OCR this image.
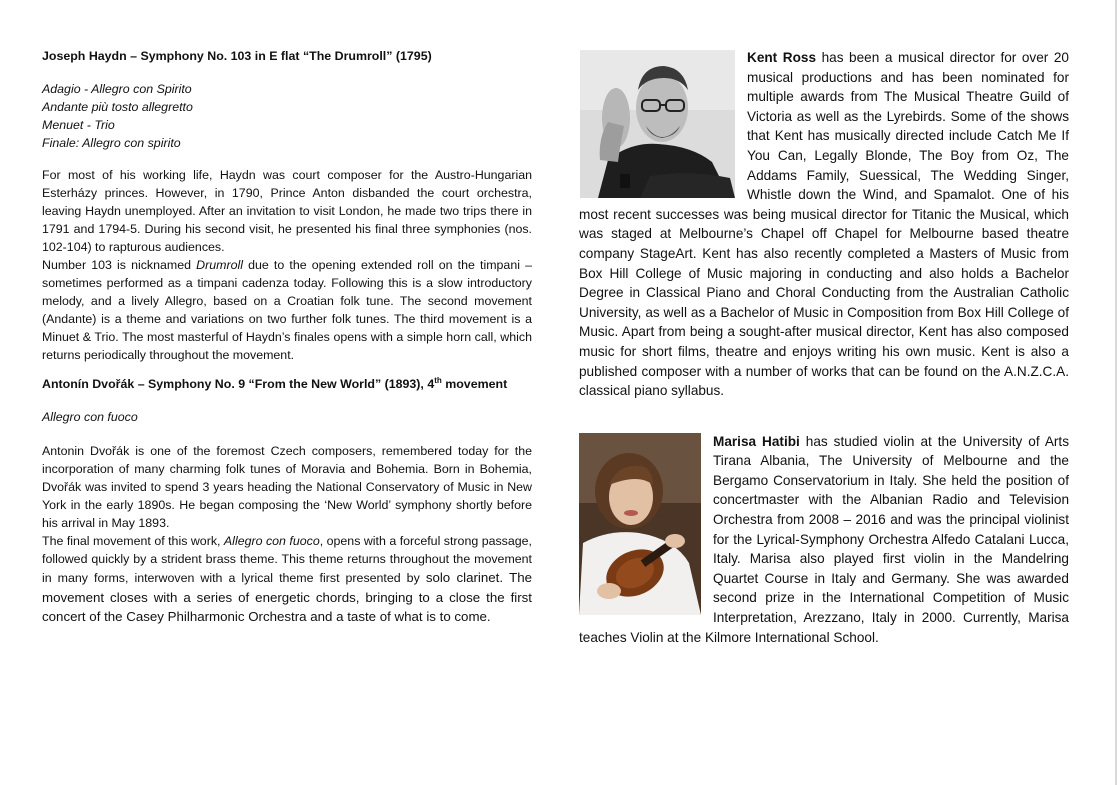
Joseph Haydn – Symphony No. 103 in E flat “The Drumroll” (1795)

Adagio - Allegro con Spirito
Andante più tosto allegretto
Menuet - Trio
Finale: Allegro con spirito

For most of his working life, Haydn was court composer for the Austro-Hungarian Esterházy princes. However, in 1790, Prince Anton disbanded the court orchestra, leaving Haydn unemployed. After an invitation to visit London, he made two trips there in 1791 and 1794-5. During his second visit, he presented his final three symphonies (nos. 102-104) to rapturous audiences.

Number 103 is nicknamed Drumroll due to the opening extended roll on the timpani – sometimes performed as a timpani cadenza today. Following this is a slow introductory melody, and a lively Allegro, based on a Croatian folk tune. The second movement (Andante) is a theme and variations on two further folk tunes. The third movement is a Minuet & Trio. The most masterful of Haydn’s finales opens with a simple horn call, which returns periodically throughout the movement.

Antonín Dvořák – Symphony No. 9 “From the New World” (1893), 4th movement

Allegro con fuoco

Antonin Dvořák is one of the foremost Czech composers, remembered today for the incorporation of many charming folk tunes of Moravia and Bohemia. Born in Bohemia, Dvořák was invited to spend 3 years heading the National Conservatory of Music in New York in the early 1890s. He began composing the ‘New World’ symphony shortly before his arrival in May 1893.

The final movement of this work, Allegro con fuoco, opens with a forceful strong passage, followed quickly by a strident brass theme. This theme returns throughout the movement in many forms, interwoven with a lyrical theme first presented by solo clarinet. The movement closes with a series of energetic chords, bringing to a close the first concert of the Casey Philharmonic Orchestra and a taste of what is to come.

Kent Ross has been a musical director for over 20 musical productions and has been nominated for multiple awards from The Musical Theatre Guild of Victoria as well as the Lyrebirds. Some of the shows that Kent has musically directed include Catch Me If You Can, Legally Blonde, The Boy from Oz, The Addams Family, Suessical, The Wedding Singer, Whistle down the Wind, and Spamalot. One of his most recent successes was being musical director for Titanic the Musical, which was staged at Melbourne’s Chapel off Chapel for Melbourne based theatre company StageArt. Kent has also recently completed a Masters of Music from Box Hill College of Music majoring in conducting and also holds a Bachelor Degree in Classical Piano and Choral Conducting from the Australian Catholic University, as well as a Bachelor of Music in Composition from Box Hill College of Music. Apart from being a sought-after musical director, Kent has also composed music for short films, theatre and enjoys writing his own music. Kent is also a published composer with a number of works that can be found on the A.N.Z.C.A. classical piano syllabus.

Marisa Hatibi has studied violin at the University of Arts Tirana Albania, The University of Melbourne and the Bergamo Conservatorium in Italy. She held the position of concertmaster with the Albanian Radio and Television Orchestra from 2008 – 2016 and was the principal violinist for the Lyrical-Symphony Orchestra Alfedo Catalani Lucca, Italy. Marisa also played first violin in the Mandelring Quartet Course in Italy and Germany. She was awarded second prize in the International Competition of Music Interpretation, Arezzano, Italy in 2000. Currently, Marisa teaches Violin at the Kilmore International School.
